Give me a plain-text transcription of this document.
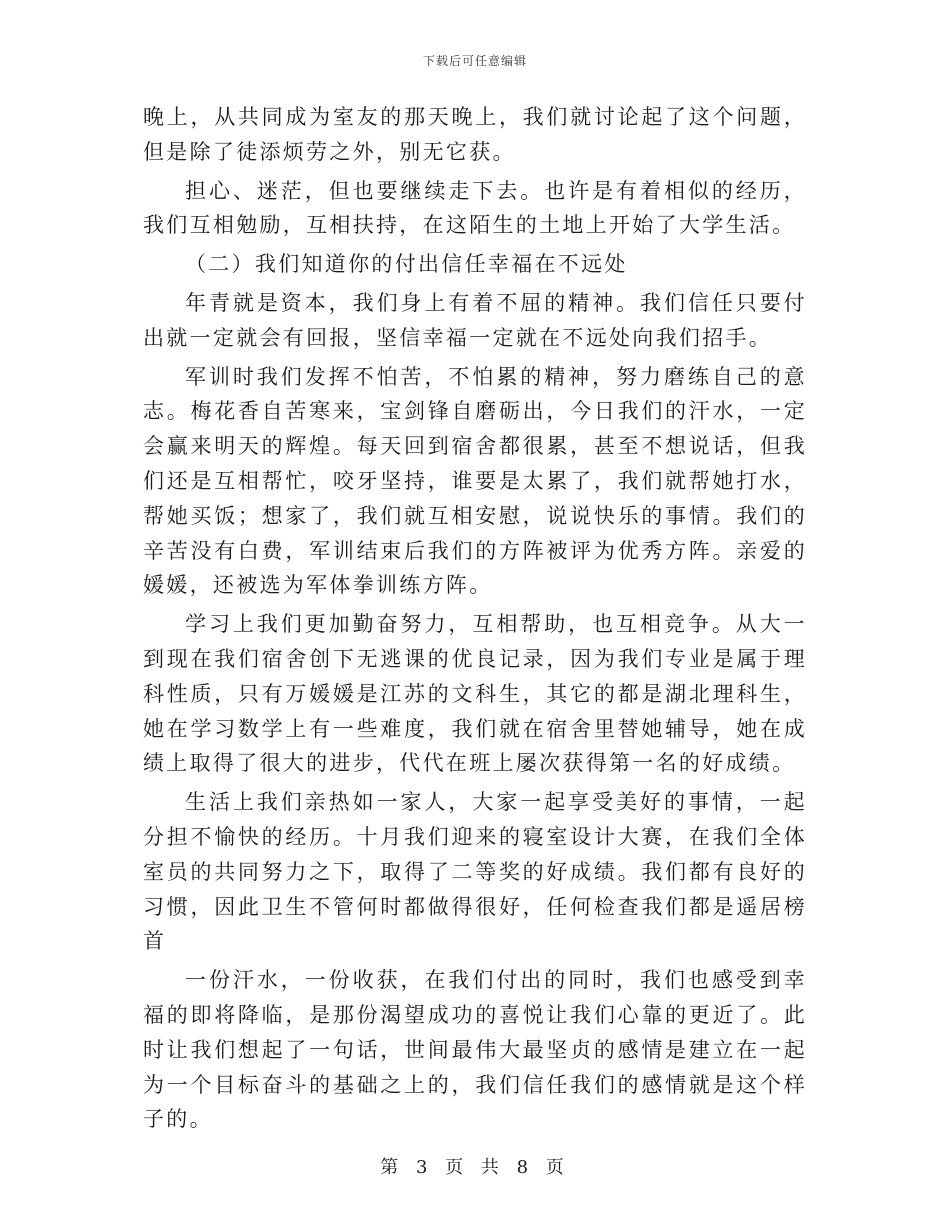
下载后可任意编辑

晚上，从共同成为室友的那天晚上，我们就讨论起了这个问题，但是除了徒添烦劳之外，别无它获。

担心、迷茫，但也要继续走下去。也许是有着相似的经历，我们互相勉励，互相扶持，在这陌生的土地上开始了大学生活。

（二）我们知道你的付出信任幸福在不远处

年青就是资本，我们身上有着不屈的精神。我们信任只要付出就一定就会有回报，坚信幸福一定就在不远处向我们招手。

军训时我们发挥不怕苦，不怕累的精神，努力磨练自己的意志。梅花香自苦寒来，宝剑锋自磨砺出，今日我们的汗水，一定会赢来明天的辉煌。每天回到宿舍都很累，甚至不想说话，但我们还是互相帮忙，咬牙坚持，谁要是太累了，我们就帮她打水，帮她买饭；想家了，我们就互相安慰，说说快乐的事情。我们的辛苦没有白费，军训结束后我们的方阵被评为优秀方阵。亲爱的媛媛，还被选为军体拳训练方阵。

学习上我们更加勤奋努力，互相帮助，也互相竞争。从大一到现在我们宿舍创下无逃课的优良记录，因为我们专业是属于理科性质，只有万媛媛是江苏的文科生，其它的都是湖北理科生，她在学习数学上有一些难度，我们就在宿舍里替她辅导，她在成绩上取得了很大的进步，代代在班上屡次获得第一名的好成绩。

生活上我们亲热如一家人，大家一起享受美好的事情，一起分担不愉快的经历。十月我们迎来的寝室设计大赛，在我们全体室员的共同努力之下，取得了二等奖的好成绩。我们都有良好的习惯，因此卫生不管何时都做得很好，任何检查我们都是遥居榜首

一份汗水，一份收获，在我们付出的同时，我们也感受到幸福的即将降临，是那份渴望成功的喜悦让我们心靠的更近了。此时让我们想起了一句话，世间最伟大最坚贞的感情是建立在一起为一个目标奋斗的基础之上的，我们信任我们的感情就是这个样子的。

第 3 页 共 8 页
